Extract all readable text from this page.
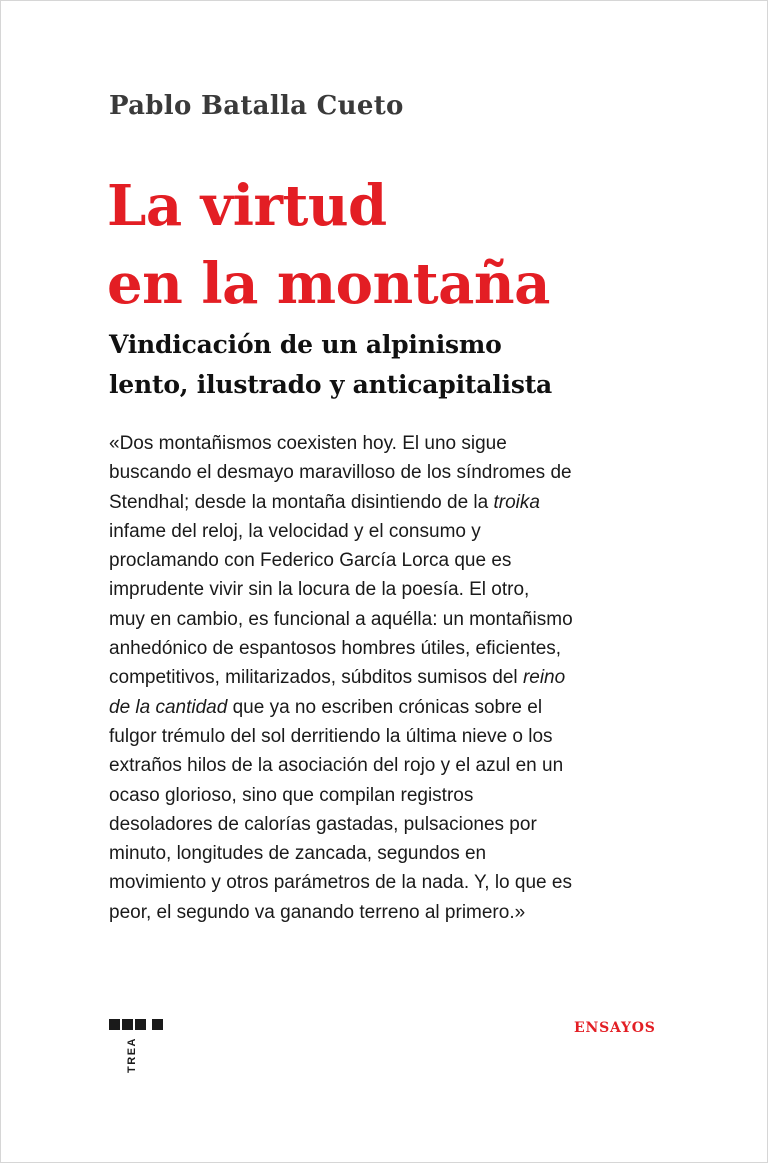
Pablo Batalla Cueto
La virtud
en la montaña
Vindicación de un alpinismo
lento, ilustrado y anticapitalista

«Dos montañismos coexisten hoy. El uno sigue
buscando el desmayo maravilloso de los síndromes de
Stendhal; desde la montaña disintiendo de la troika
infame del reloj, la velocidad y el consumo y
proclamando con Federico García Lorca que es
imprudente vivir sin la locura de la poesía. El otro,
muy en cambio, es funcional a aquélla: un montañismo
anhedónico de espantosos hombres útiles, eficientes,
competitivos, militarizados, súbditos sumisos del reino
de la cantidad que ya no escriben crónicas sobre el
fulgor trémulo del sol derritiendo la última nieve o los
extraños hilos de la asociación del rojo y el azul en un
ocaso glorioso, sino que compilan registros
desoladores de calorías gastadas, pulsaciones por
minuto, longitudes de zancada, segundos en
movimiento y otros parámetros de la nada. Y, lo que es
peor, el segundo va ganando terreno al primero.»

TREA
ENSAYOS
